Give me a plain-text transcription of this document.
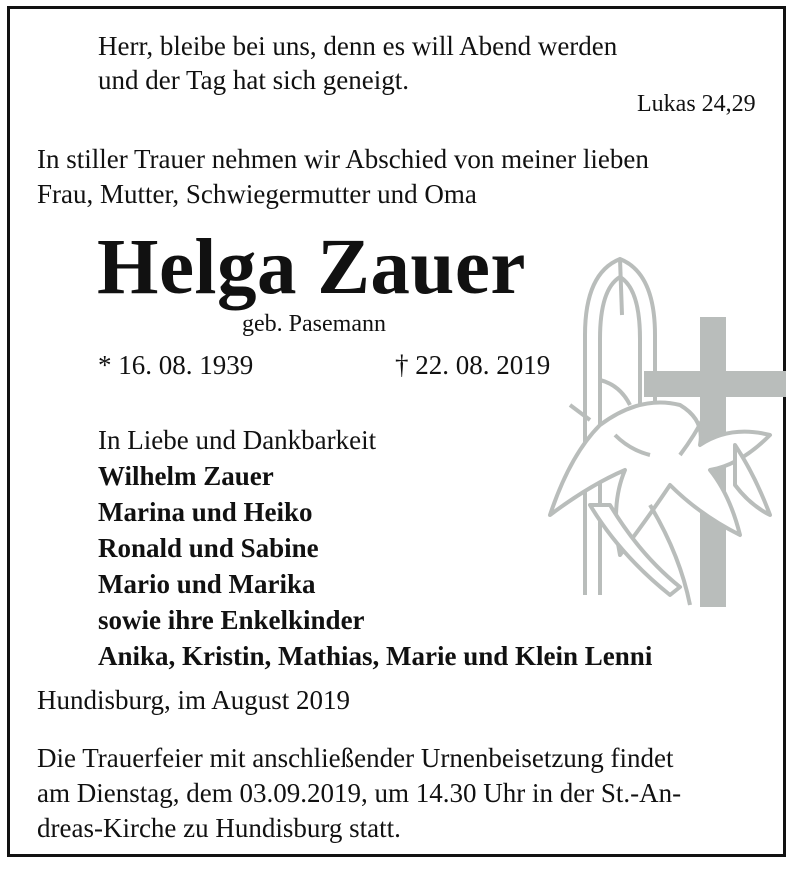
Herr, bleibe bei uns, denn es will Abend werden
und der Tag hat sich geneigt.
Lukas 24,29
In stiller Trauer nehmen wir Abschied von meiner lieben
Frau, Mutter, Schwiegermutter und Oma
Helga Zauer
geb. Pasemann
* 16. 08. 1939	† 22. 08. 2019
In Liebe und Dankbarkeit
Wilhelm Zauer
Marina und Heiko
Ronald und Sabine
Mario und Marika
sowie ihre Enkelkinder
Anika, Kristin, Mathias, Marie und Klein Lenni
Hundisburg, im August 2019
Die Trauerfeier mit anschließender Urnenbeisetzung findet
am Dienstag, dem 03.09.2019, um 14.30 Uhr in der St.-An-
dreas-Kirche zu Hundisburg statt.
